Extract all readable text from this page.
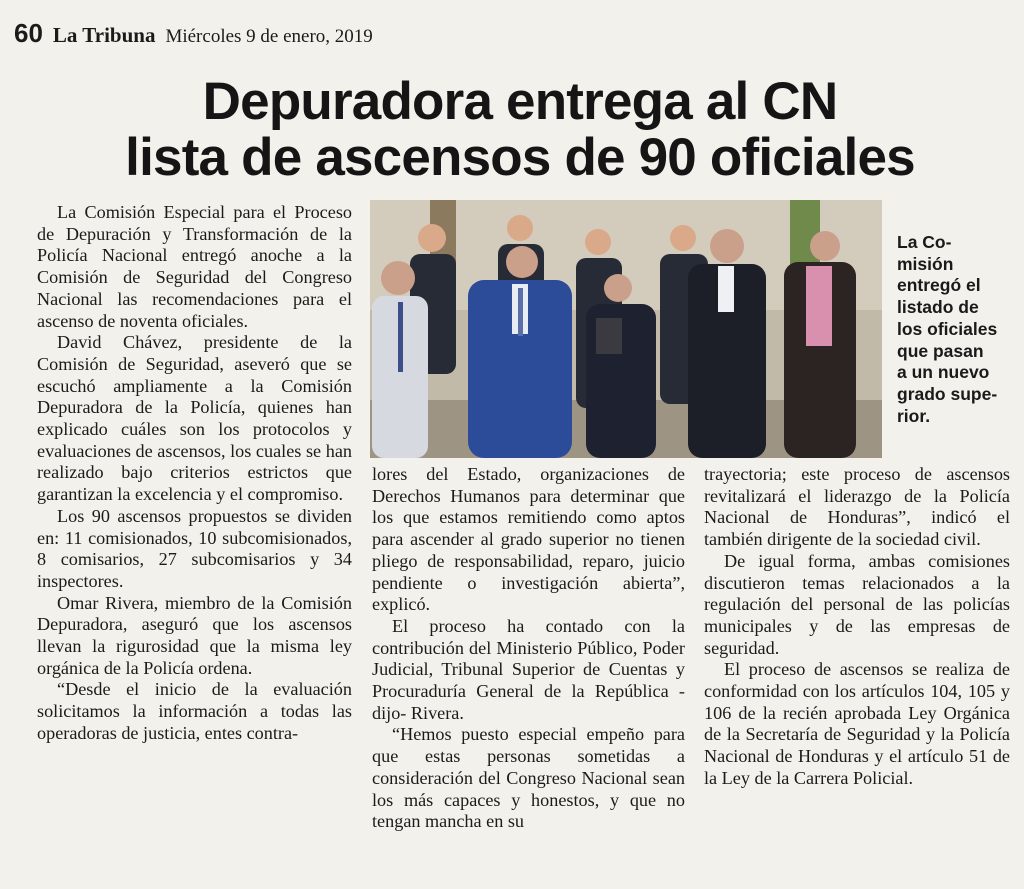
60 La Tribuna Miércoles 9 de enero, 2019
Depuradora entrega al CN
lista de ascensos de 90 oficiales

La Comisión Especial para el Proceso de Depuración y Transformación de la Policía Nacional entregó anoche a la Comisión de Seguridad del Congreso Nacional las recomendaciones para el ascenso de noventa oficiales.

David Chávez, presidente de la Comisión de Seguridad, aseveró que se escuchó ampliamente a la Comisión Depuradora de la Policía, quienes han explicado cuáles son los protocolos y evaluaciones de ascensos, los cuales se han realizado bajo criterios estrictos que garantizan la excelencia y el compromiso.

Los 90 ascensos propuestos se dividen en: 11 comisionados, 10 subcomisionados, 8 comisarios, 27 subcomisarios y 34 inspectores.

Omar Rivera, miembro de la Comisión Depuradora, aseguró que los ascensos llevan la rigurosidad que la misma ley orgánica de la Policía ordena.

“Desde el inicio de la evaluación solicitamos la información a todas las operadoras de justicia, entes contra-

La Co-
misión
entregó el
listado de
los oficiales
que pasan
a un nuevo
grado supe-
rior.

lores del Estado, organizaciones de Derechos Humanos para determinar que los que estamos remitiendo como aptos para ascender al grado superior no tienen pliego de responsabilidad, reparo, juicio pendiente o investigación abierta”, explicó.

El proceso ha contado con la contribución del Ministerio Público, Poder Judicial, Tribunal Superior de Cuentas y Procuraduría General de la República -dijo- Rivera.

“Hemos puesto especial empeño para que estas personas sometidas a consideración del Congreso Nacional sean los más capaces y honestos, y que no tengan mancha en su

trayectoria; este proceso de ascensos revitalizará el liderazgo de la Policía Nacional de Honduras”, indicó el también dirigente de la sociedad civil.

De igual forma, ambas comisiones discutieron temas relacionados a la regulación del personal de las policías municipales y de las empresas de seguridad.

El proceso de ascensos se realiza de conformidad con los artículos 104, 105 y 106 de la recién aprobada Ley Orgánica de la Secretaría de Seguridad y la Policía Nacional de Honduras y el artículo 51 de la Ley de la Carrera Policial.
